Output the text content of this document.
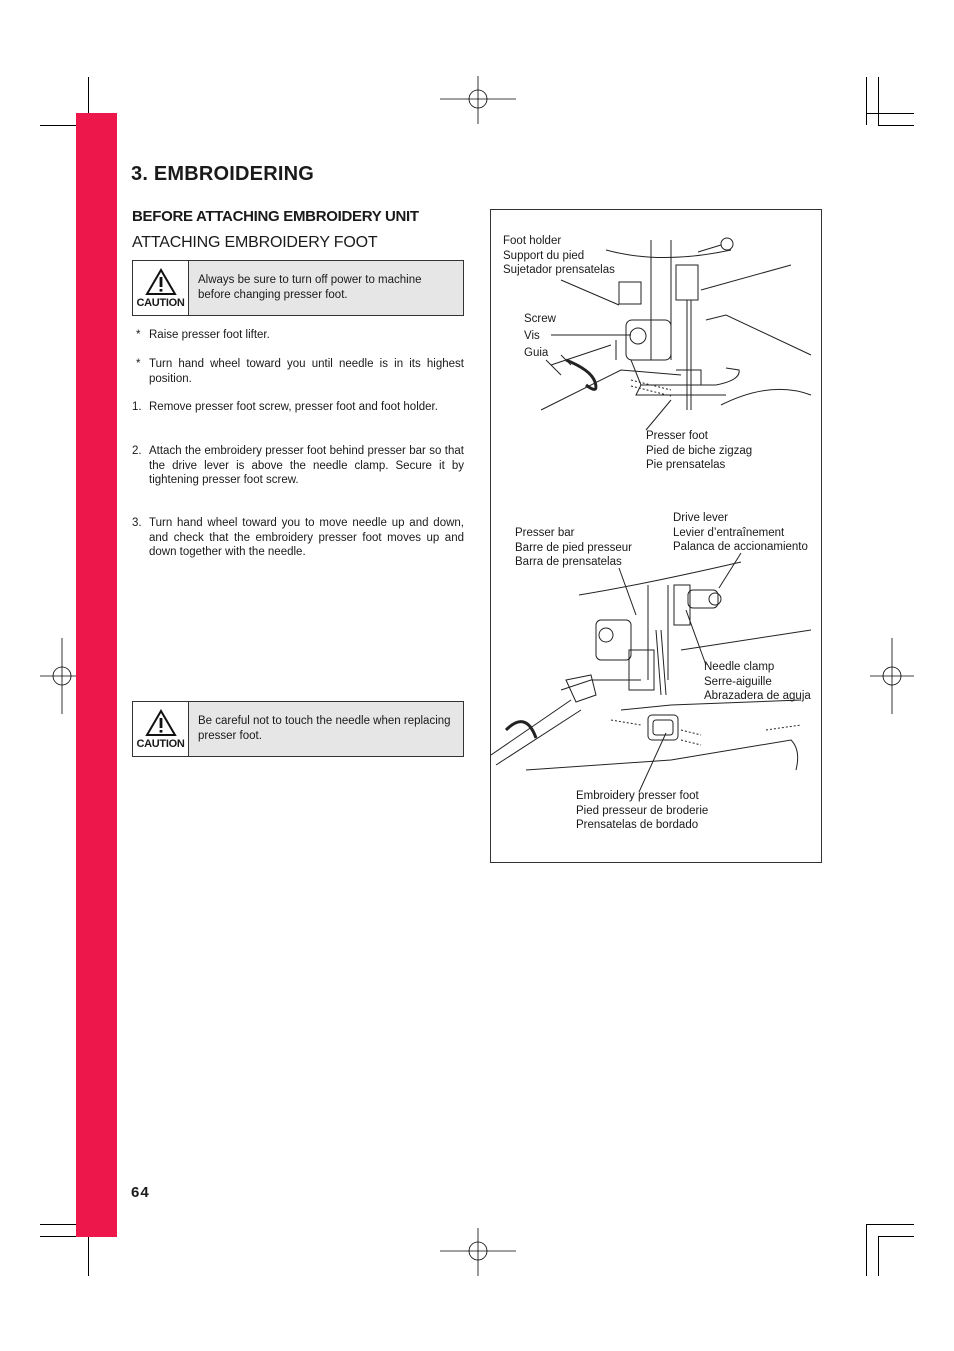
3. EMBROIDERING
BEFORE ATTACHING EMBROIDERY UNIT
ATTACHING EMBROIDERY FOOT
CAUTION
Always be sure to turn off power to machine before changing presser foot.
* Raise presser foot lifter.
* Turn hand wheel toward you until needle is in its highest position.
1. Remove presser foot screw, presser foot and foot holder.
2. Attach the embroidery presser foot behind presser bar so that the drive lever is above the needle clamp. Secure it by tightening presser foot screw.
3. Turn hand wheel toward you to move needle up and down, and check that the embroidery presser foot moves up and down together with the needle.
CAUTION
Be careful not to touch the needle when replacing presser foot.
Foot holder
Support du pied
Sujetador prensatelas
Screw
Vis
Guia
Presser foot
Pied de biche zigzag
Pie prensatelas
Presser bar
Barre de pied presseur
Barra de prensatelas
Drive lever
Levier d’entraînement
Palanca de accionamiento
Needle clamp
Serre-aiguille
Abrazadera de aguja
Embroidery presser foot
Pied presseur de broderie
Prensatelas de bordado
64
